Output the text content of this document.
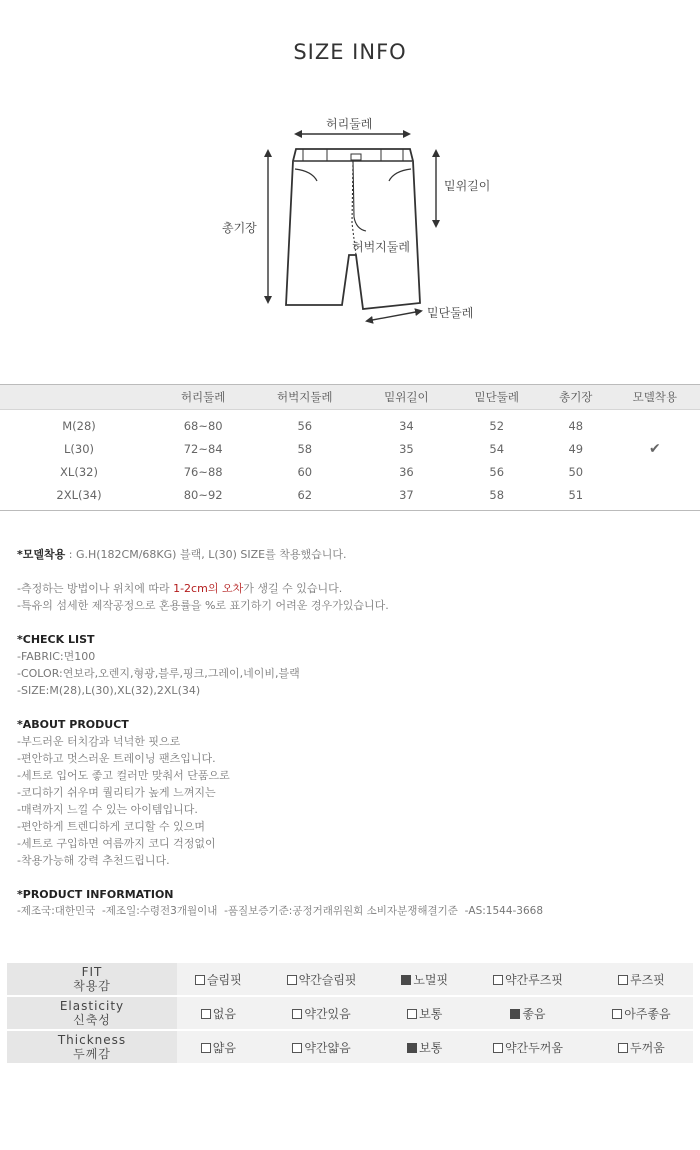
SIZE INFO
허리둘레
밑위길이
총기장
허벅지둘레
밑단둘레
	허리둘레	허벅지둘레	밑위길이	밑단둘레	총기장	모델착용
M(28)	68~80	56	34	52	48	
L(30)	72~84	58	35	54	49	✔
XL(32)	76~88	60	36	56	50	
2XL(34)	80~92	62	37	58	51	

*모델착용 : G.H(182CM/68KG) 블랙, L(30) SIZE를 착용했습니다.

-측정하는 방법이나 위치에 따라 1-2cm의 오차가 생길 수 있습니다.

-특유의 섬세한 제작공정으로 혼용률을 %로 표기하기 어려운 경우가있습니다.

*CHECK LIST

-FABRIC:면100

-COLOR:연보라,오렌지,형광,블루,핑크,그레이,네이비,블랙

-SIZE:M(28),L(30),XL(32),2XL(34)

*ABOUT PRODUCT

-부드러운 터치감과 넉넉한 핏으로

-편안하고 멋스러운 트레이닝 팬츠입니다.

-세트로 입어도 좋고 컬러만 맞춰서 단품으로

-코디하기 쉬우며 퀄리티가 높게 느껴지는

-매력까지 느낄 수 있는 아이템입니다.

-편안하게 트렌디하게 코디할 수 있으며

-세트로 구입하면 여름까지 코디 걱정없이

-착용가능해 강력 추천드립니다.

*PRODUCT INFORMATION

-제조국:대한민국  -제조일:수령전3개월이내  -품질보증기준:공정거래위원회 소비자분쟁해결기준  -AS:1544-3668

FIT
착용감	슬림핏	약간슬림핏	노멀핏	약간루즈핏	루즈핏

Elasticity
신축성	없음	약간있음	보통	좋음	아주좋음

Thickness
두께감	얇음	약간얇음	보통	약간두꺼움	두꺼움
